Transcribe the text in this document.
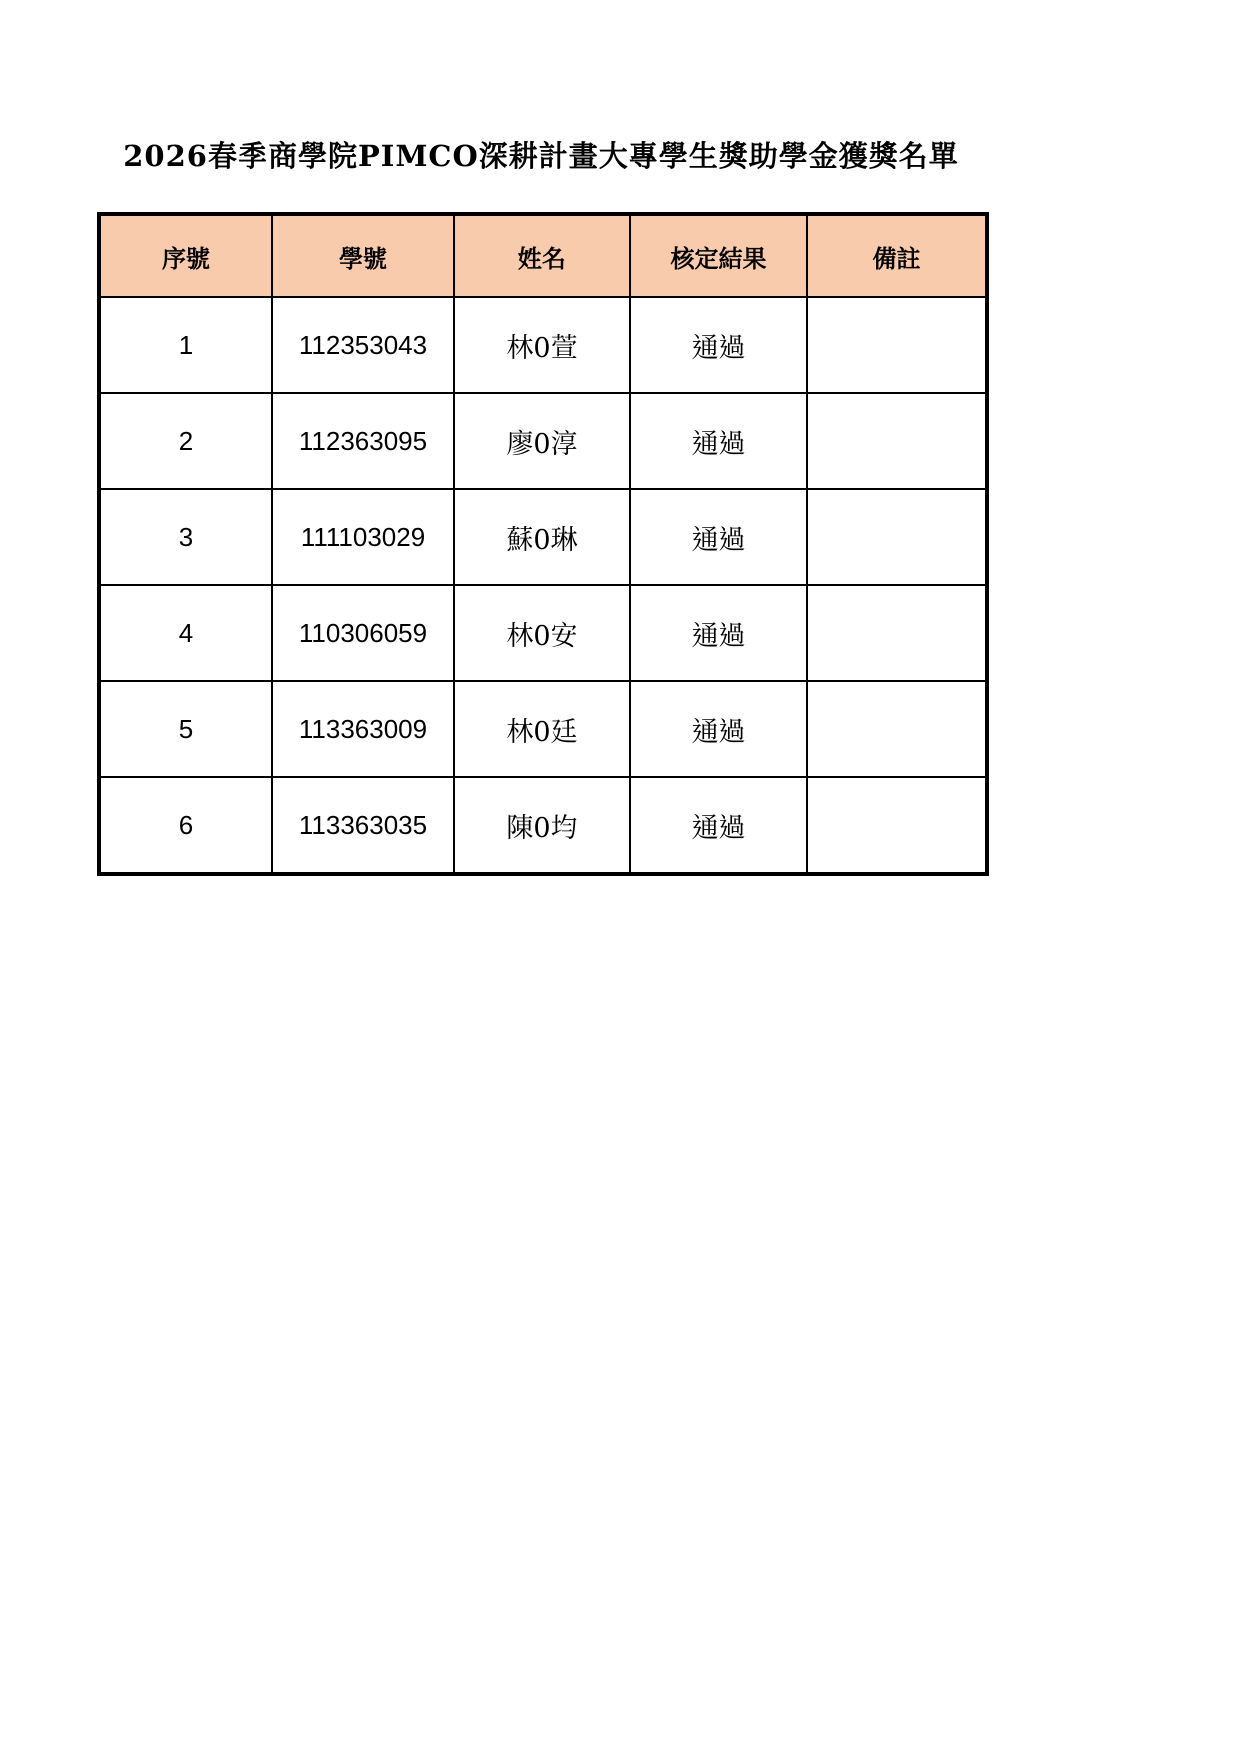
2026春季商學院PIMCO深耕計畫大專學生獎助學金獲獎名單
序號	學號	姓名	核定結果	備註
1	112353043	林0萱	通過	
2	112363095	廖0淳	通過	
3	111103029	蘇0琳	通過	
4	110306059	林0安	通過	
5	113363009	林0廷	通過	
6	113363035	陳0均	通過	
